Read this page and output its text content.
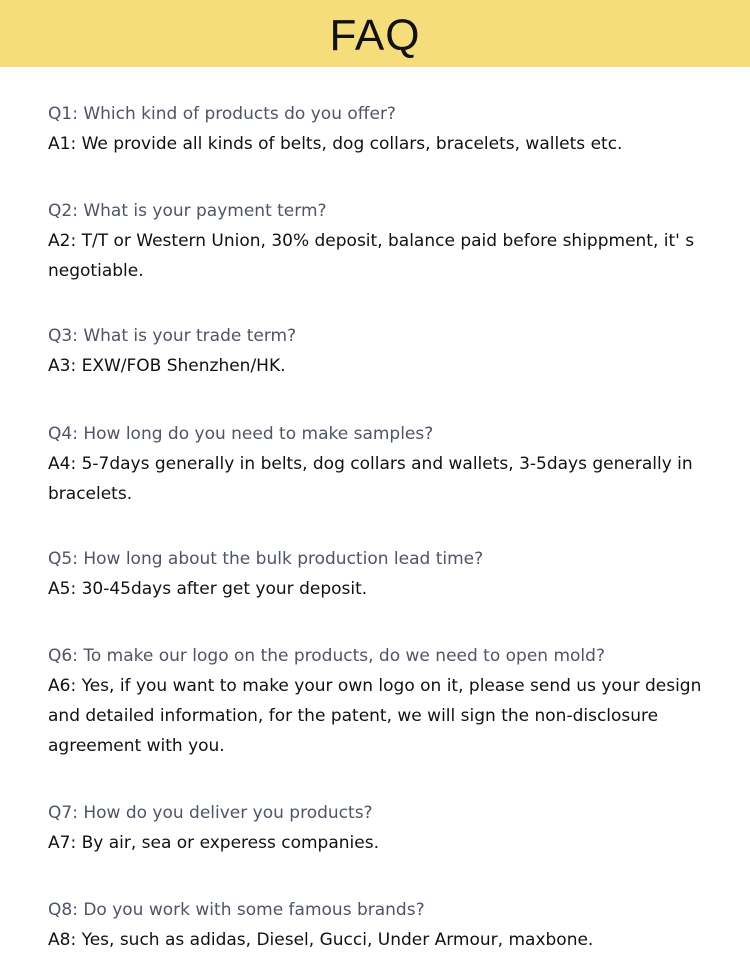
FAQ
Q1: Which kind of products do you offer?
A1: We provide all kinds of belts, dog collars, bracelets, wallets etc.
Q2: What is your payment term?
A2: T/T or Western Union, 30% deposit, balance paid before shippment, it' s negotiable.
Q3: What is your trade term?
A3: EXW/FOB Shenzhen/HK.
Q4: How long do you need to make samples?
A4: 5-7days generally in belts, dog collars and wallets, 3-5days generally in bracelets.
Q5: How long about the bulk production lead time?
A5: 30-45days after get your deposit.
Q6: To make our logo on the products, do we need to open mold?
A6: Yes, if you want to make your own logo on it, please send us your design and detailed information, for the patent, we will sign the non-disclosure agreement with you.
Q7: How do you deliver you products?
A7: By air, sea or experess companies.
Q8: Do you work with some famous brands?
A8: Yes, such as adidas, Diesel, Gucci, Under Armour, maxbone.
